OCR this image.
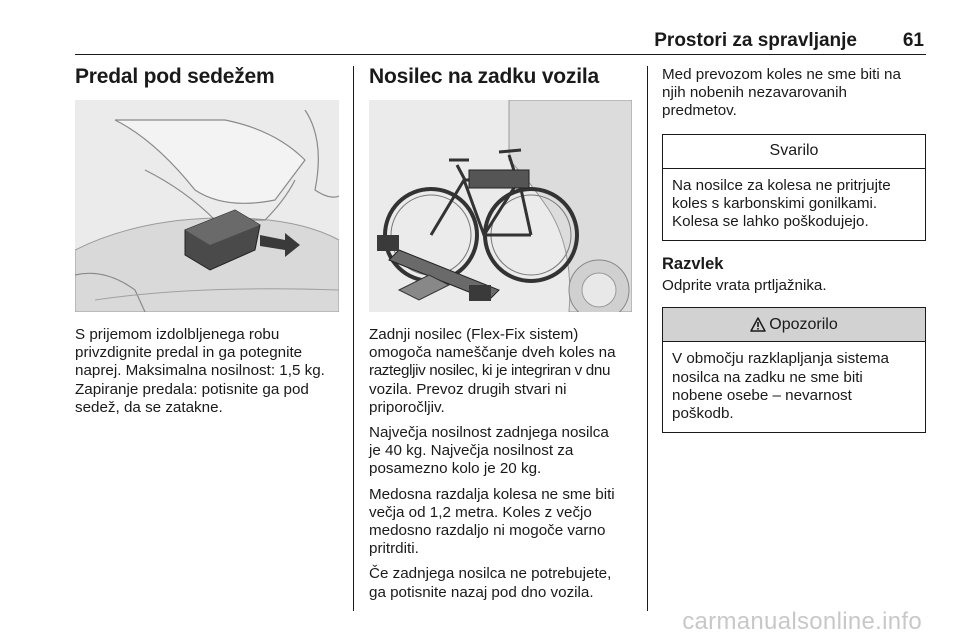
Prostori za spravljanje 61
Predal pod sedežem

S prijemom izdolbljenega robu
privzdignite predal in ga potegnite
naprej. Maksimalna nosilnost: 1,5 kg.
Zapiranje predala: potisnite ga pod
sedež, da se zatakne.

Nosilec na zadku vozila

Zadnji nosilec (Flex-Fix sistem)
omogoča nameščanje dveh koles na
raztegljiv nosilec, ki je integriran v dnu
vozila. Prevoz drugih stvari ni
priporočljiv.

Največja nosilnost zadnjega nosilca
je 40 kg. Največja nosilnost za
posamezno kolo je 20 kg.

Medosna razdalja kolesa ne sme biti
večja od 1,2 metra. Koles z večjo
medosno razdaljo ni mogoče varno
pritrditi.

Če zadnjega nosilca ne potrebujete,
ga potisnite nazaj pod dno vozila.

Med prevozom koles ne sme biti na
njih nobenih nezavarovanih
predmetov.

Svarilo
Na nosilce za kolesa ne pritrjujte
koles s karbonskimi gonilkami.
Kolesa se lahko poškodujejo.
Razvlek

Odprite vrata prtljažnika.

Opozorilo
V območju razklapljanja sistema
nosilca na zadku ne sme biti
nobene osebe – nevarnost
poškodb.
carmanualsonline.info
